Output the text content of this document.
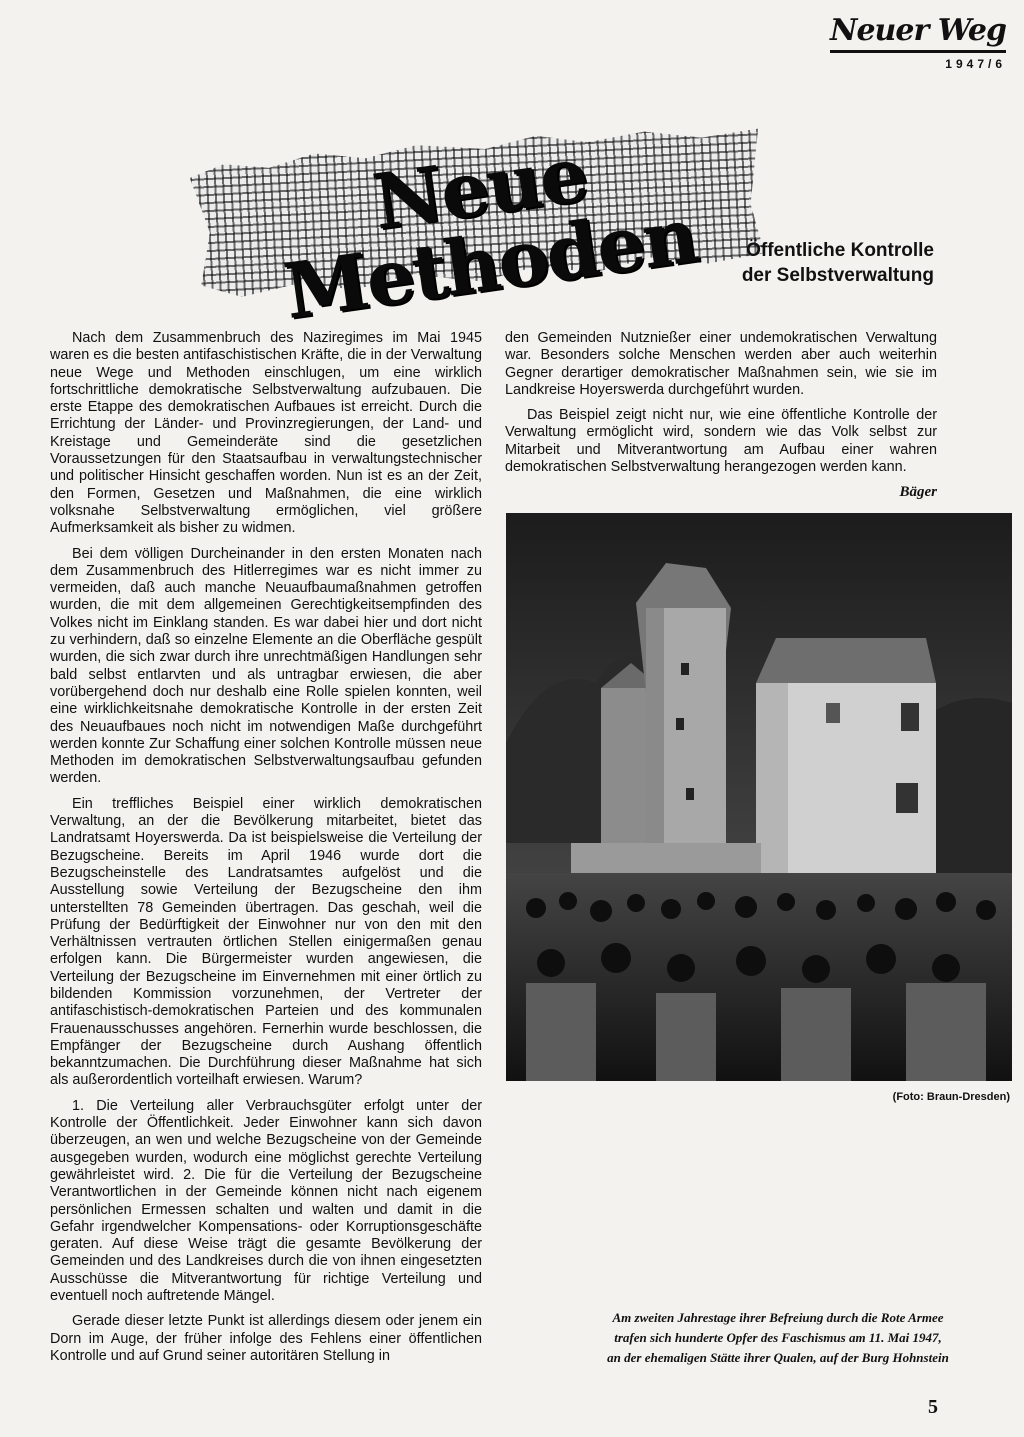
Neuer Weg
1947/6
Neue Methoden	Öffentliche Kontrolle
der Selbstverwaltung

Nach dem Zusammenbruch des Naziregimes im Mai 1945 waren es die besten antifaschistischen Kräfte, die in der Verwaltung neue Wege und Methoden einschlugen, um eine wirklich fortschrittliche demokratische Selbstverwaltung aufzubauen. Die erste Etappe des demokratischen Aufbaues ist erreicht. Durch die Errichtung der Länder- und Provinzregierungen, der Land- und Kreistage und Gemeinderäte sind die gesetzlichen Voraussetzungen für den Staatsaufbau in verwaltungstechnischer und politischer Hinsicht geschaffen worden. Nun ist es an der Zeit, den Formen, Gesetzen und Maßnahmen, die eine wirklich volksnahe Selbstverwaltung ermöglichen, viel größere Aufmerksamkeit als bisher zu widmen.

Bei dem völligen Durcheinander in den ersten Monaten nach dem Zusammenbruch des Hitlerregimes war es nicht immer zu vermeiden, daß auch manche Neuaufbaumaßnahmen getroffen wurden, die mit dem allgemeinen Gerechtigkeitsempfinden des Volkes nicht im Einklang standen. Es war dabei hier und dort nicht zu verhindern, daß so einzelne Elemente an die Oberfläche gespült wurden, die sich zwar durch ihre unrechtmäßigen Handlungen sehr bald selbst entlarvten und als untragbar erwiesen, die aber vorübergehend doch nur deshalb eine Rolle spielen konnten, weil eine wirklichkeitsnahe demokratische Kontrolle in der ersten Zeit des Neuaufbaues noch nicht im notwendigen Maße durchgeführt werden konnte Zur Schaffung einer solchen Kontrolle müssen neue Methoden im demokratischen Selbstverwaltungsaufbau gefunden werden.

Ein treffliches Beispiel einer wirklich demokratischen Verwaltung, an der die Bevölkerung mitarbeitet, bietet das Landratsamt Hoyerswerda. Da ist beispielsweise die Verteilung der Bezugscheine. Bereits im April 1946 wurde dort die Bezugscheinstelle des Landratsamtes aufgelöst und die Ausstellung sowie Verteilung der Bezugscheine den ihm unterstellten 78 Gemeinden übertragen. Das geschah, weil die Prüfung der Bedürftigkeit der Einwohner nur von den mit den Verhältnissen vertrauten örtlichen Stellen einigermaßen genau erfolgen kann. Die Bürgermeister wurden angewiesen, die Verteilung der Bezugscheine im Einvernehmen mit einer örtlich zu bildenden Kommission vorzunehmen, der Vertreter der antifaschistisch-demokratischen Parteien und des kommunalen Frauenausschusses angehören. Fernerhin wurde beschlossen, die Empfänger der Bezugscheine durch Aushang öffentlich bekanntzumachen. Die Durchführung dieser Maßnahme hat sich als außerordentlich vorteilhaft erwiesen. Warum?

1. Die Verteilung aller Verbrauchsgüter erfolgt unter der Kontrolle der Öffentlichkeit. Jeder Einwohner kann sich davon überzeugen, an wen und welche Bezugscheine von der Gemeinde ausgegeben wurden, wodurch eine möglichst gerechte Verteilung gewährleistet wird. 2. Die für die Verteilung der Bezugscheine Verantwortlichen in der Gemeinde können nicht nach eigenem persönlichen Ermessen schalten und walten und damit in die Gefahr irgendwelcher Kompensations- oder Korruptionsgeschäfte geraten. Auf diese Weise trägt die gesamte Bevölkerung der Gemeinden und des Landkreises durch die von ihnen eingesetzten Ausschüsse die Mitverantwortung für richtige Verteilung und eventuell noch auftretende Mängel.

Gerade dieser letzte Punkt ist allerdings diesem oder jenem ein Dorn im Auge, der früher infolge des Fehlens einer öffentlichen Kontrolle und auf Grund seiner autoritären Stellung in

den Gemeinden Nutznießer einer undemokratischen Verwaltung war. Besonders solche Menschen werden aber auch weiterhin Gegner derartiger demokratischer Maßnahmen sein, wie sie im Landkreise Hoyerswerda durchgeführt wurden.

Das Beispiel zeigt nicht nur, wie eine öffentliche Kontrolle der Verwaltung ermöglicht wird, sondern wie das Volk selbst zur Mitarbeit und Mitverantwortung am Aufbau einer wahren demokratischen Selbstverwaltung herangezogen werden kann.

Bäger
(Foto: Braun-Dresden)
Am zweiten Jahrestage ihrer Befreiung durch die Rote Armee
trafen sich hunderte Opfer des Faschismus am 11. Mai 1947,
an der ehemaligen Stätte ihrer Qualen, auf der Burg Hohnstein
5
